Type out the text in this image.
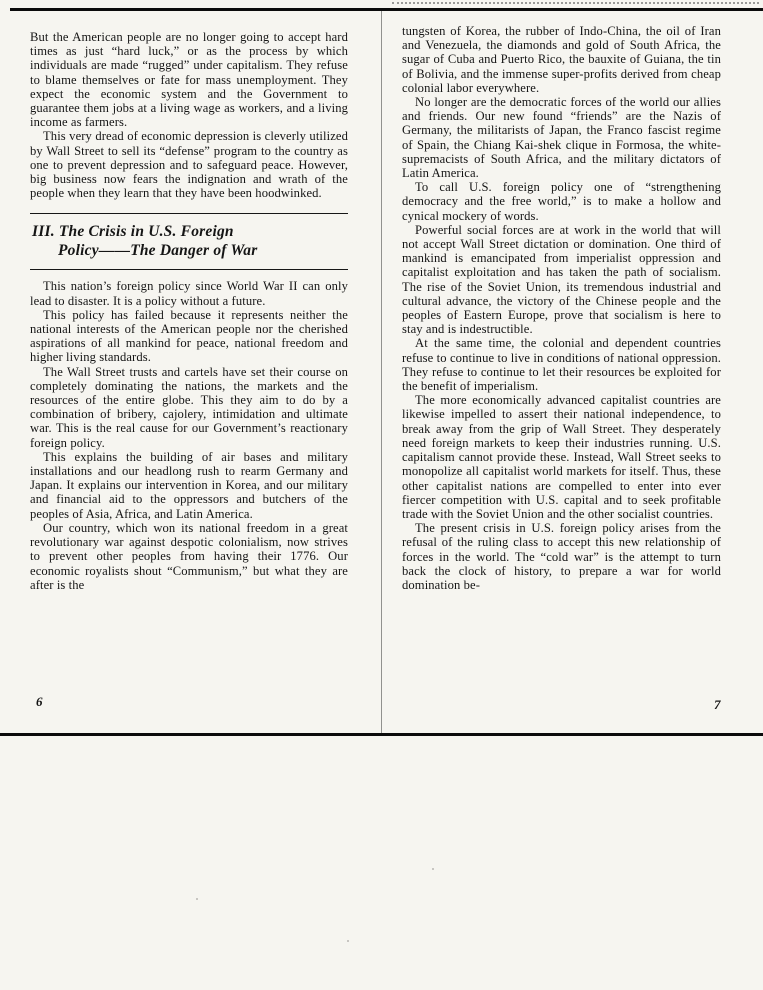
But the American people are no longer going to accept hard times as just “hard luck,” or as the process by which individuals are made “rugged” under capitalism. They refuse to blame themselves or fate for mass unemployment. They expect the economic system and the Government to guarantee them jobs at a living wage as workers, and a living income as farmers.

This very dread of economic depression is cleverly utilized by Wall Street to sell its “defense” program to the country as one to prevent depression and to safeguard peace. However, big business now fears the indignation and wrath of the people when they learn that they have been hoodwinked.

III. The Crisis in U.S. Foreign
Policy——The Danger of War

This nation’s foreign policy since World War II can only lead to disaster. It is a policy without a future.

This policy has failed because it represents neither the national interests of the American people nor the cherished aspirations of all mankind for peace, national freedom and higher living standards.

The Wall Street trusts and cartels have set their course on completely dominating the nations, the markets and the resources of the entire globe. This they aim to do by a combination of bribery, cajolery, intimidation and ultimate war. This is the real cause for our Government’s reactionary foreign policy.

This explains the building of air bases and military installations and our headlong rush to rearm Germany and Japan. It explains our intervention in Korea, and our military and financial aid to the oppressors and butchers of the peoples of Asia, Africa, and Latin America.

Our country, which won its national freedom in a great revolutionary war against despotic colonialism, now strives to prevent other peoples from having their 1776. Our economic royalists shout “Communism,” but what they are after is the

tungsten of Korea, the rubber of Indo-China, the oil of Iran and Venezuela, the diamonds and gold of South Africa, the sugar of Cuba and Puerto Rico, the bauxite of Guiana, the tin of Bolivia, and the immense super-profits derived from cheap colonial labor everywhere.

No longer are the democratic forces of the world our allies and friends. Our new found “friends” are the Nazis of Germany, the militarists of Japan, the Franco fascist regime of Spain, the Chiang Kai-shek clique in Formosa, the white-supremacists of South Africa, and the military dictators of Latin America.

To call U.S. foreign policy one of “strengthening democracy and the free world,” is to make a hollow and cynical mockery of words.

Powerful social forces are at work in the world that will not accept Wall Street dictation or domination. One third of mankind is emancipated from imperialist oppression and capitalist exploitation and has taken the path of socialism. The rise of the Soviet Union, its tremendous industrial and cultural advance, the victory of the Chinese people and the peoples of Eastern Europe, prove that socialism is here to stay and is indestructible.

At the same time, the colonial and dependent countries refuse to continue to live in conditions of national oppression. They refuse to continue to let their resources be exploited for the benefit of imperialism.

The more economically advanced capitalist countries are likewise impelled to assert their national independence, to break away from the grip of Wall Street. They desperately need foreign markets to keep their industries running. U.S. capitalism cannot provide these. Instead, Wall Street seeks to monopolize all capitalist world markets for itself. Thus, these other capitalist nations are compelled to enter into ever fiercer competition with U.S. capital and to seek profitable trade with the Soviet Union and the other socialist countries.

The present crisis in U.S. foreign policy arises from the refusal of the ruling class to accept this new relationship of forces in the world. The “cold war” is the attempt to turn back the clock of history, to prepare a war for world domination be-

6	7
